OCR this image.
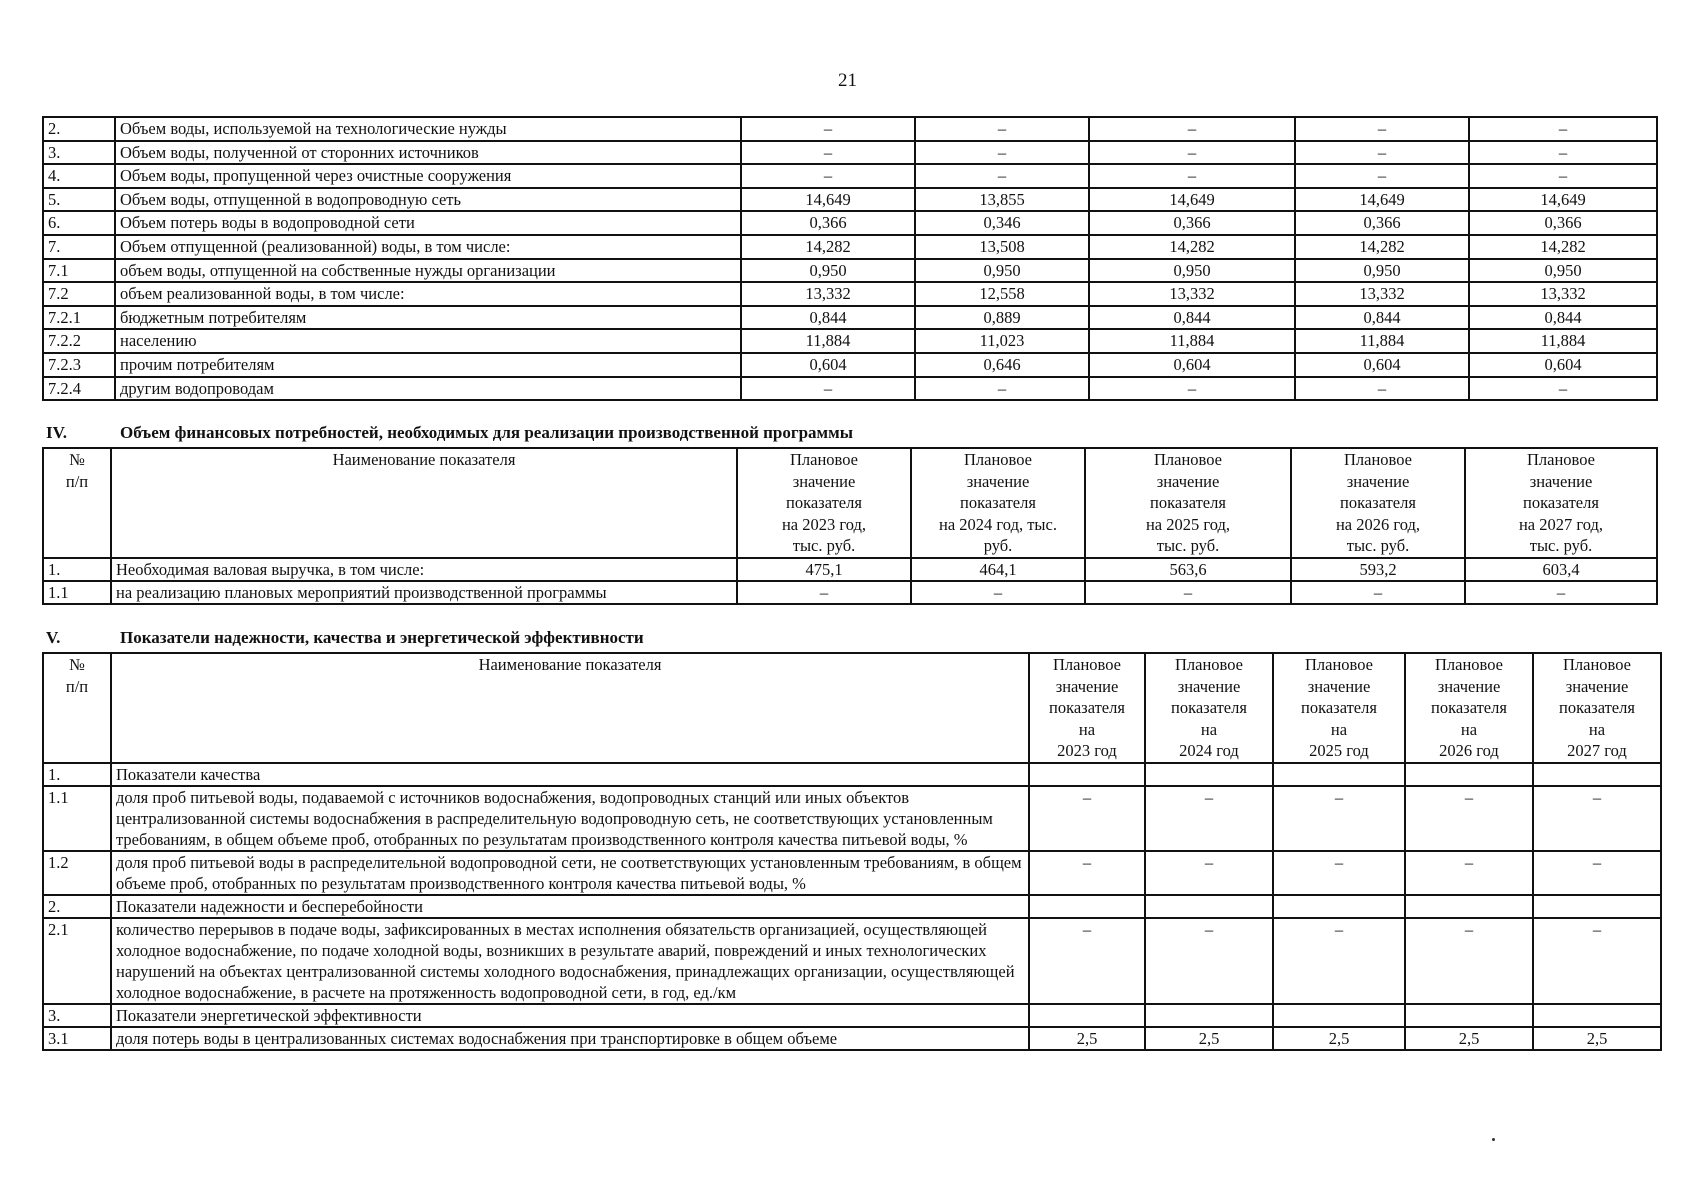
21
2.	Объем воды, используемой на технологические нужды	–	–	–	–	–
3.	Объем воды, полученной от сторонних источников	–	–	–	–	–
4.	Объем воды, пропущенной через очистные сооружения	–	–	–	–	–
5.	Объем воды, отпущенной в водопроводную сеть	14,649	13,855	14,649	14,649	14,649
6.	Объем потерь воды в водопроводной сети	0,366	0,346	0,366	0,366	0,366
7.	Объем отпущенной (реализованной) воды, в том числе:	14,282	13,508	14,282	14,282	14,282
7.1	объем воды, отпущенной на собственные нужды организации	0,950	0,950	0,950	0,950	0,950
7.2	объем реализованной воды, в том числе:	13,332	12,558	13,332	13,332	13,332
7.2.1	бюджетным потребителям	0,844	0,889	0,844	0,844	0,844
7.2.2	населению	11,884	11,023	11,884	11,884	11,884
7.2.3	прочим потребителям	0,604	0,646	0,604	0,604	0,604
7.2.4	другим водопроводам	–	–	–	–	–
IV.	Объем финансовых потребностей, необходимых для реализации производственной программы
№
п/п	Наименование показателя	Плановое
значение
показателя
на 2023 год,
тыс. руб.	Плановое
значение
показателя
на 2024 год, тыс.
руб.	Плановое
значение
показателя
на 2025 год,
тыс. руб.	Плановое
значение
показателя
на 2026 год,
тыс. руб.	Плановое
значение
показателя
на 2027 год,
тыс. руб.
1.	Необходимая валовая выручка, в том числе:	475,1	464,1	563,6	593,2	603,4
1.1	на реализацию плановых мероприятий производственной программы	–	–	–	–	–
V.	Показатели надежности, качества и энергетической эффективности
№
п/п	Наименование показателя	Плановое
значение
показателя
на
2023 год	Плановое
значение
показателя
на
2024 год	Плановое
значение
показателя
на
2025 год	Плановое
значение
показателя
на
2026 год	Плановое
значение
показателя
на
2027 год
1.	Показатели качества					
1.1	доля проб питьевой воды, подаваемой с источников водоснабжения, водопроводных станций или иных объектов централизованной системы водоснабжения в распределительную водопроводную сеть, не соответствующих установленным требованиям, в общем объеме проб, отобранных по результатам производственного контроля качества питьевой воды, %	–	–	–	–	–
1.2	доля проб питьевой воды в распределительной водопроводной сети, не соответствующих установленным требованиям, в общем объеме проб, отобранных по результатам производственного контроля качества питьевой воды, %	–	–	–	–	–
2.	Показатели надежности и бесперебойности					
2.1	количество перерывов в подаче воды, зафиксированных в местах исполнения обязательств организацией, осуществляющей холодное водоснабжение, по подаче холодной воды, возникших в результате аварий, повреждений и иных технологических нарушений на объектах централизованной системы холодного водоснабжения, принадлежащих организации, осуществляющей холодное водоснабжение, в расчете на протяженность водопроводной сети, в год, ед./км	–	–	–	–	–
3.	Показатели энергетической эффективности					
3.1	доля потерь воды в централизованных системах водоснабжения при транспортировке в общем объеме	2,5	2,5	2,5	2,5	2,5
